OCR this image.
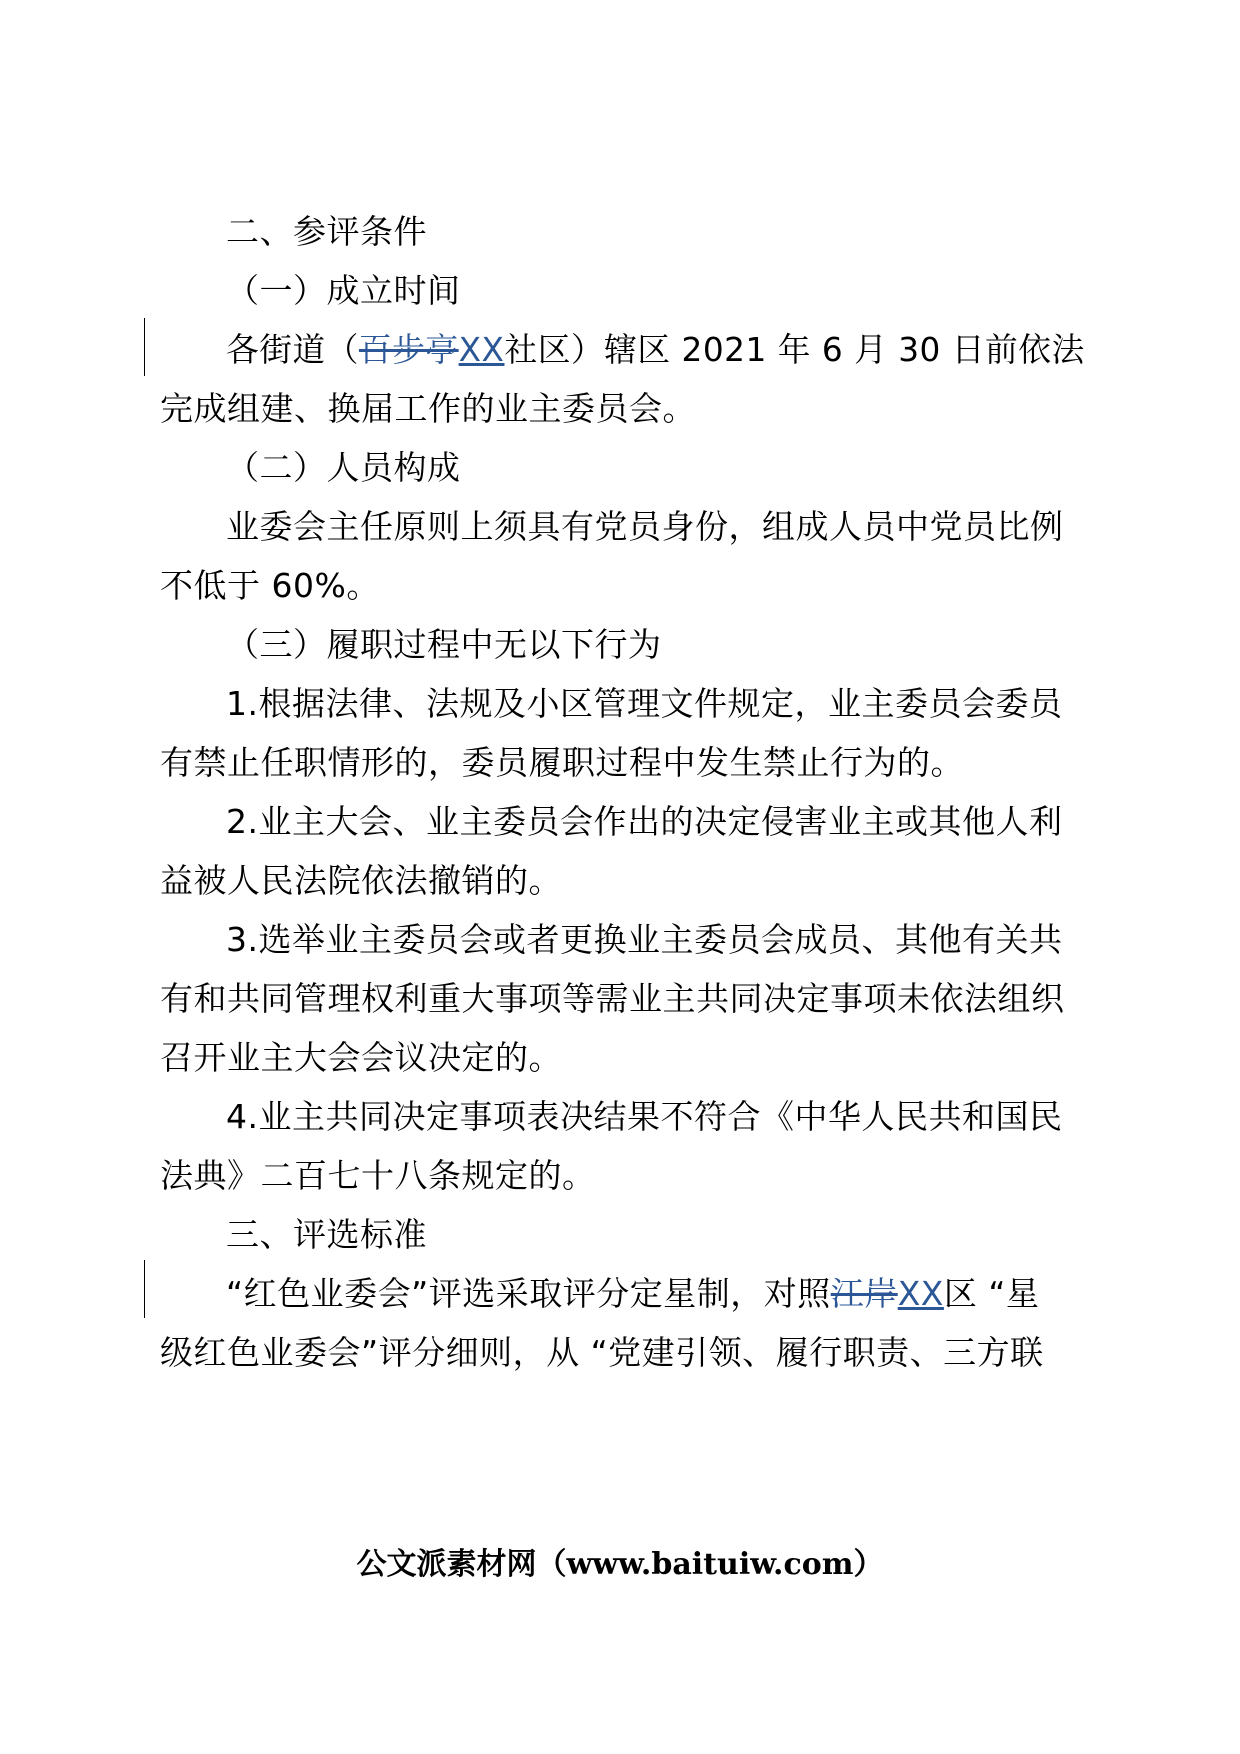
二、参评条件
（一）成立时间
各街道（百步亭XX社区）辖区 2021 年 6 月 30 日前依法
完成组建、换届工作的业主委员会。
（二）人员构成
业委会主任原则上须具有党员身份，组成人员中党员比例
不低于 60%。
（三）履职过程中无以下行为
1.根据法律、法规及小区管理文件规定，业主委员会委员
有禁止任职情形的，委员履职过程中发生禁止行为的。
2.业主大会、业主委员会作出的决定侵害业主或其他人利
益被人民法院依法撤销的。
3.选举业主委员会或者更换业主委员会成员、其他有关共
有和共同管理权利重大事项等需业主共同决定事项未依法组织
召开业主大会会议决定的。
4.业主共同决定事项表决结果不符合《中华人民共和国民
法典》二百七十八条规定的。
三、评选标准
“红色业委会”评选采取评分定星制，对照江岸XX区 “星
级红色业委会”评分细则，从 “党建引领、履行职责、三方联
公文派素材网（www.baituiw.com）
